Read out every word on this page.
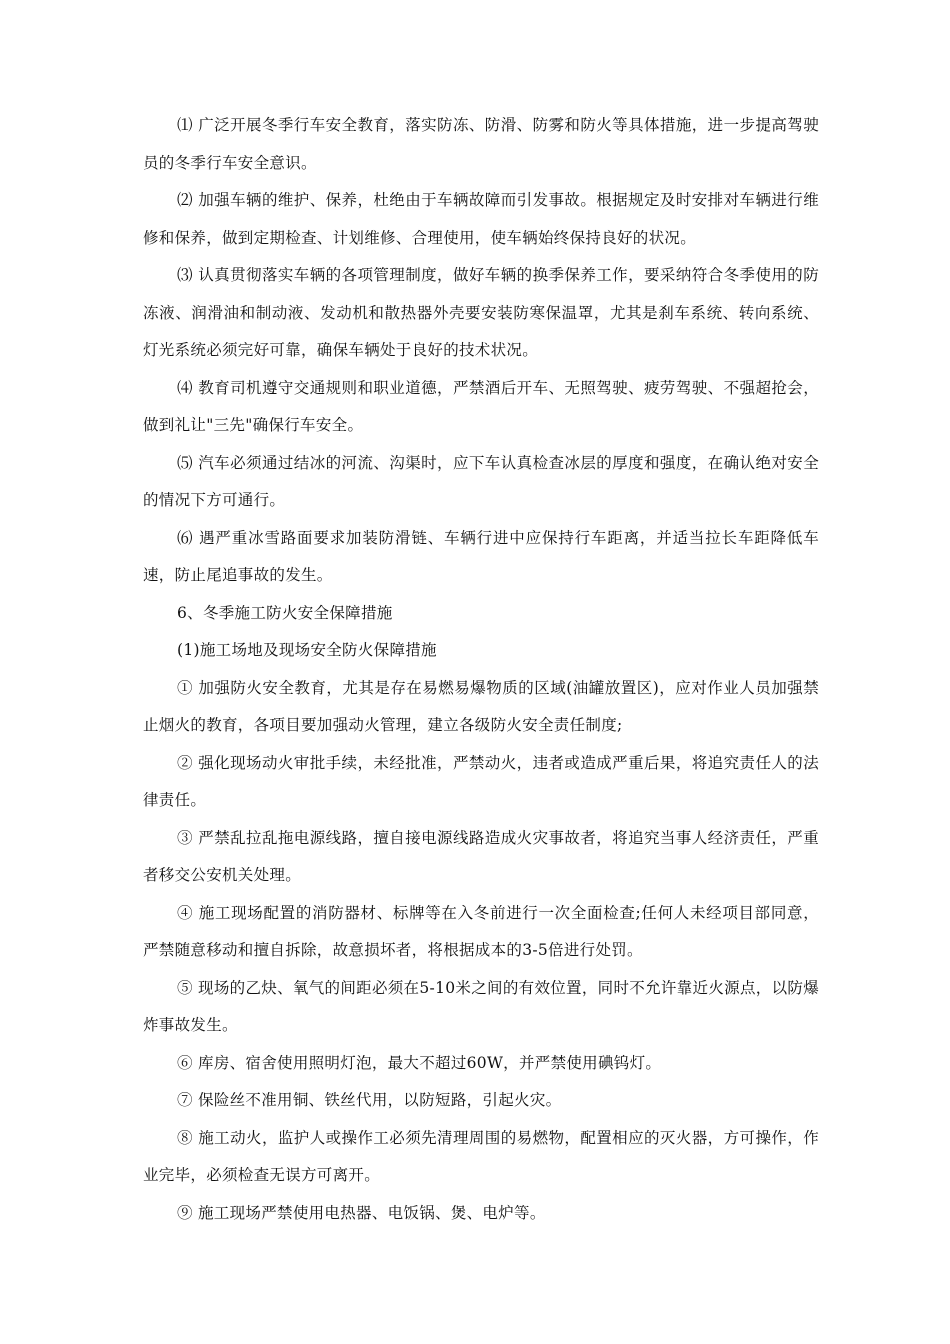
⑴ 广泛开展冬季行车安全教育，落实防冻、防滑、防雾和防火等具体措施，进一步提高驾驶员的冬季行车安全意识。

⑵ 加强车辆的维护、保养，杜绝由于车辆故障而引发事故。根据规定及时安排对车辆进行维修和保养，做到定期检查、计划维修、合理使用，使车辆始终保持良好的状况。

⑶ 认真贯彻落实车辆的各项管理制度，做好车辆的换季保养工作，要采纳符合冬季使用的防冻液、润滑油和制动液、发动机和散热器外壳要安装防寒保温罩，尤其是刹车系统、转向系统、灯光系统必须完好可靠，确保车辆处于良好的技术状况。

⑷ 教育司机遵守交通规则和职业道德，严禁酒后开车、无照驾驶、疲劳驾驶、不强超抢会，做到礼让"三先"确保行车安全。

⑸ 汽车必须通过结冰的河流、沟渠时，应下车认真检查冰层的厚度和强度，在确认绝对安全的情况下方可通行。

⑹ 遇严重冰雪路面要求加装防滑链、车辆行进中应保持行车距离，并适当拉长车距降低车速，防止尾追事故的发生。

6、冬季施工防火安全保障措施

(1)施工场地及现场安全防火保障措施

① 加强防火安全教育，尤其是存在易燃易爆物质的区域(油罐放置区)，应对作业人员加强禁止烟火的教育，各项目要加强动火管理，建立各级防火安全责任制度;

② 强化现场动火审批手续，未经批准，严禁动火，违者或造成严重后果，将追究责任人的法律责任。

③ 严禁乱拉乱拖电源线路，擅自接电源线路造成火灾事故者，将追究当事人经济责任，严重者移交公安机关处理。

④ 施工现场配置的消防器材、标牌等在入冬前进行一次全面检查;任何人未经项目部同意，严禁随意移动和擅自拆除，故意损坏者，将根据成本的3-5倍进行处罚。

⑤ 现场的乙炔、氧气的间距必须在5-10米之间的有效位置，同时不允许靠近火源点，以防爆炸事故发生。

⑥ 库房、宿舍使用照明灯泡，最大不超过60W，并严禁使用碘钨灯。

⑦ 保险丝不准用铜、铁丝代用，以防短路，引起火灾。

⑧ 施工动火，监护人或操作工必须先清理周围的易燃物，配置相应的灭火器，方可操作，作业完毕，必须检查无误方可离开。

⑨ 施工现场严禁使用电热器、电饭锅、煲、电炉等。
